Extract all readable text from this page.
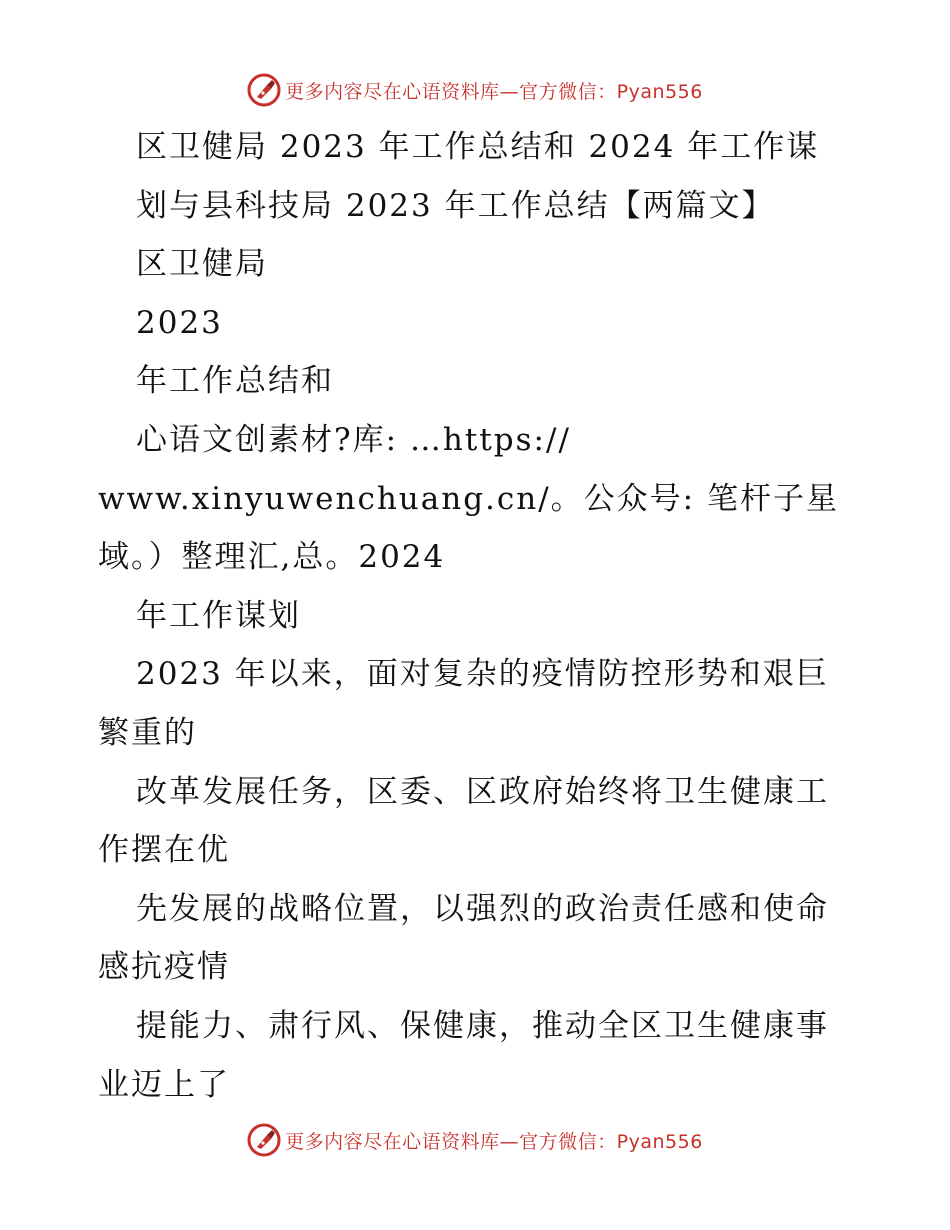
更多内容尽在心语资料库—官方微信：Pyan556
区卫健局 2023 年工作总结和 2024 年工作谋
划与县科技局 2023 年工作总结【两篇文】
区卫健局
2023
年工作总结和
心语文创素材?库: …https://
www.xinyuwenchuang.cn/。公众号: 笔杆子星
域。）整理汇,总。2024
年工作谋划
2023 年以来，面对复杂的疫情防控形势和艰巨
繁重的
改革发展任务，区委、区政府始终将卫生健康工
作摆在优
先发展的战略位置，以强烈的政治责任感和使命
感抗疫情
提能力、肃行风、保健康，推动全区卫生健康事
业迈上了
更多内容尽在心语资料库—官方微信：Pyan556
